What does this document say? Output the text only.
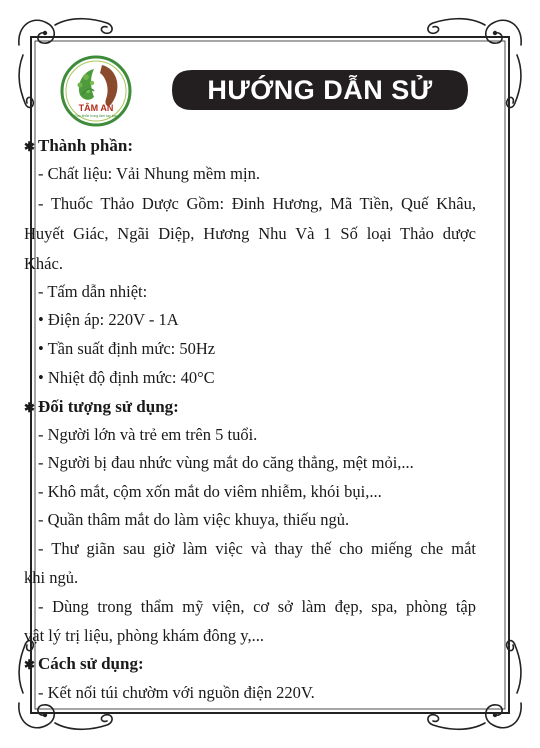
TÂM AN
Sức khỏe trong tầm tay bạn
HƯỚNG DẪN SỬ DỤNG
✱ Thành phần:
- Chất liệu: Vải Nhung mềm mịn.
- Thuốc Thảo Dược Gồm: Đinh Hương, Mã Tiền, Quế Khâu,
Huyết Giác, Ngãi Diệp, Hương Nhu Và 1 Số loại Thảo dược
Khác.
- Tấm dẫn nhiệt:
• Điện áp: 220V - 1A
• Tần suất định mức: 50Hz
• Nhiệt độ định mức: 40°C
✱ Đối tượng sử dụng:
- Người lớn và trẻ em trên 5 tuổi.
- Người bị đau nhức vùng mắt do căng thẳng, mệt mỏi,...
- Khô mắt, cộm xốn mắt do viêm nhiễm, khói bụi,...
- Quần thâm mắt do làm việc khuya, thiếu ngủ.
- Thư giãn sau giờ làm việc và thay thế cho miếng che mắt
khi ngủ.
- Dùng trong thẩm mỹ viện, cơ sở làm đẹp, spa, phòng tập
vật lý trị liệu, phòng khám đông y,...
✱ Cách sử dụng:
- Kết nối túi chườm với nguồn điện 220V.
